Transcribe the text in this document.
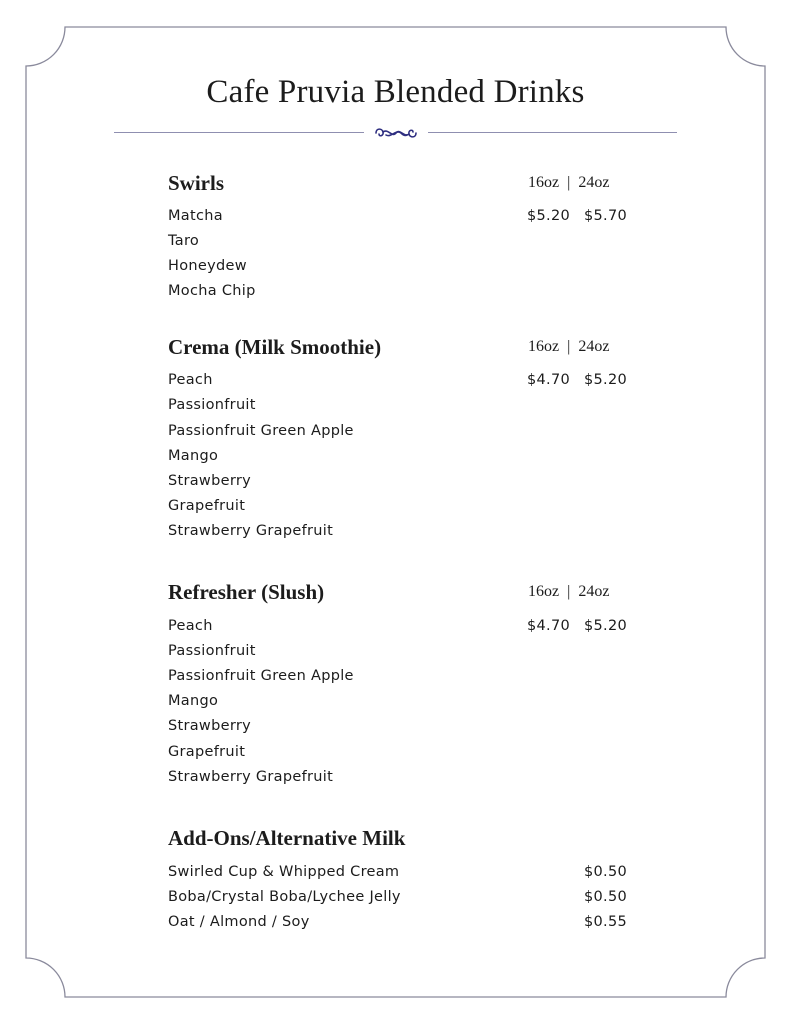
Cafe Pruvia Blended Drinks
Swirls	16oz | 24oz
Matcha	$5.20 $5.70
Taro
Honeydew
Mocha Chip
Crema (Milk Smoothie)	16oz | 24oz
Peach	$4.70 $5.20
Passionfruit
Passionfruit Green Apple
Mango
Strawberry
Grapefruit
Strawberry Grapefruit
Refresher (Slush)	16oz | 24oz
Peach	$4.70 $5.20
Passionfruit
Passionfruit Green Apple
Mango
Strawberry
Grapefruit
Strawberry Grapefruit
Add-Ons/Alternative Milk
Swirled Cup & Whipped Cream	$0.50
Boba/Crystal Boba/Lychee Jelly	$0.50
Oat / Almond / Soy	$0.55
